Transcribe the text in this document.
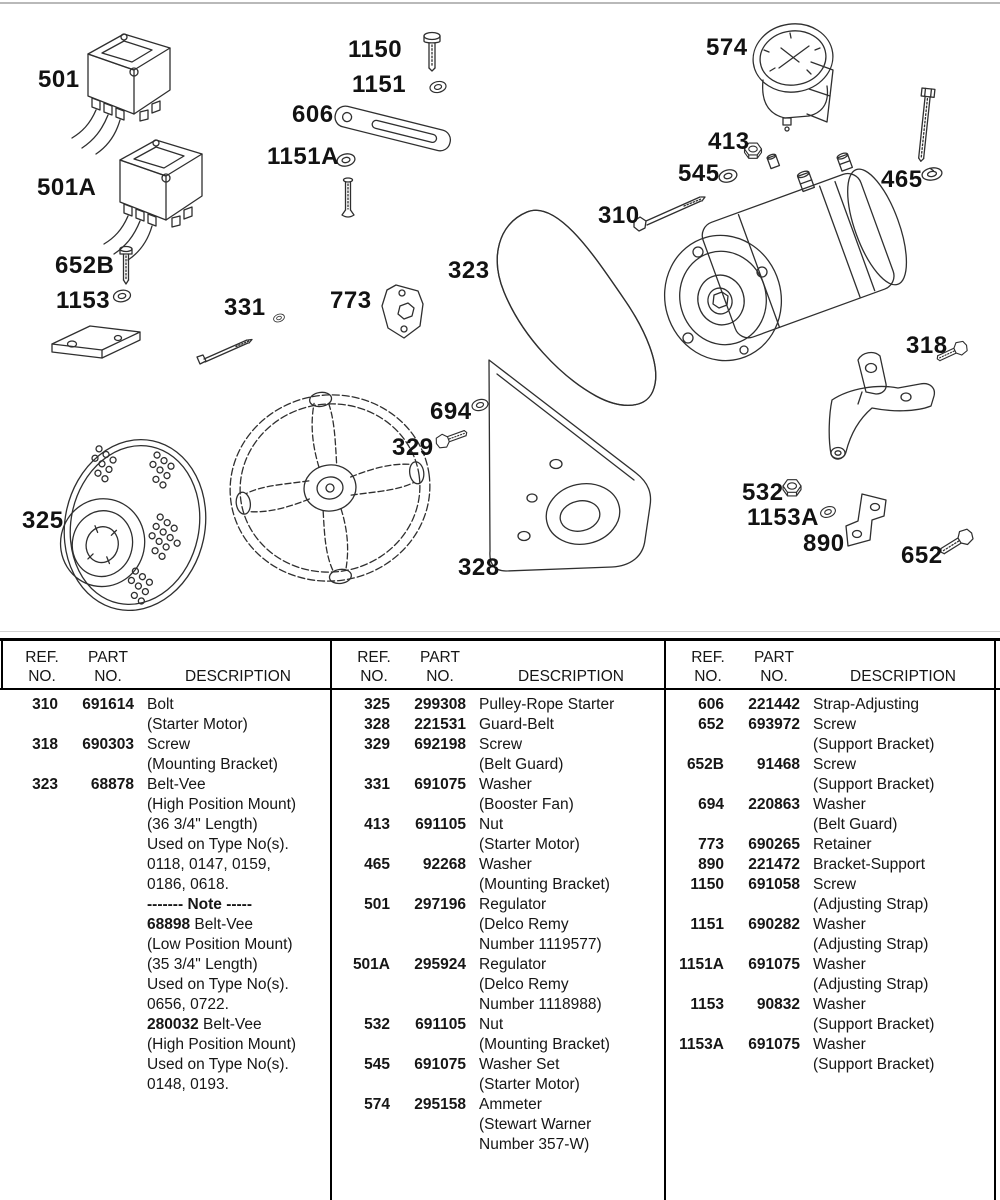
501
501A
652B
1153
325
331
606
1151A
1150
1151
773
323
694
329
328
574
413
545
310
465
318
532
1153A
890 652
REF.	PART
NO.	NO.	DESCRIPTION
310	691614 Bolt
(Starter Motor)
318	690303 Screw
(Mounting Bracket)
323	68878 Belt-Vee
(High Position Mount)
(36 3/4" Length)
Used on Type No(s).
0118, 0147, 0159,
0186, 0618.
------- Note -----
68898 Belt-Vee
(Low Position Mount)
(35 3/4" Length)
Used on Type No(s).
0656, 0722.
280032 Belt-Vee
(High Position Mount)
Used on Type No(s).
0148, 0193.
REF.	PART
NO.	NO.	DESCRIPTION
325	299308 Pulley-Rope Starter
328	221531 Guard-Belt
329	692198 Screw
(Belt Guard)
331	691075 Washer
(Booster Fan)
413	691105 Nut
(Starter Motor)
465	92268 Washer
(Mounting Bracket)
501	297196 Regulator
(Delco Remy
Number 1119577)
501A	295924 Regulator
(Delco Remy
Number 1118988)
532	691105 Nut
(Mounting Bracket)
545	691075 Washer Set
(Starter Motor)
574	295158 Ammeter
(Stewart Warner
Number 357-W)
REF.	PART
NO.	NO.	DESCRIPTION
606	221442 Strap-Adjusting
652	693972 Screw
(Support Bracket)
652B	91468 Screw
(Support Bracket)
694	220863 Washer
(Belt Guard)
773	690265 Retainer
890	221472 Bracket-Support
1150	691058 Screw
(Adjusting Strap)
1151	690282 Washer
(Adjusting Strap)
1151A	691075 Washer
(Adjusting Strap)
1153	90832 Washer
(Support Bracket)
1153A	691075 Washer
(Support Bracket)
